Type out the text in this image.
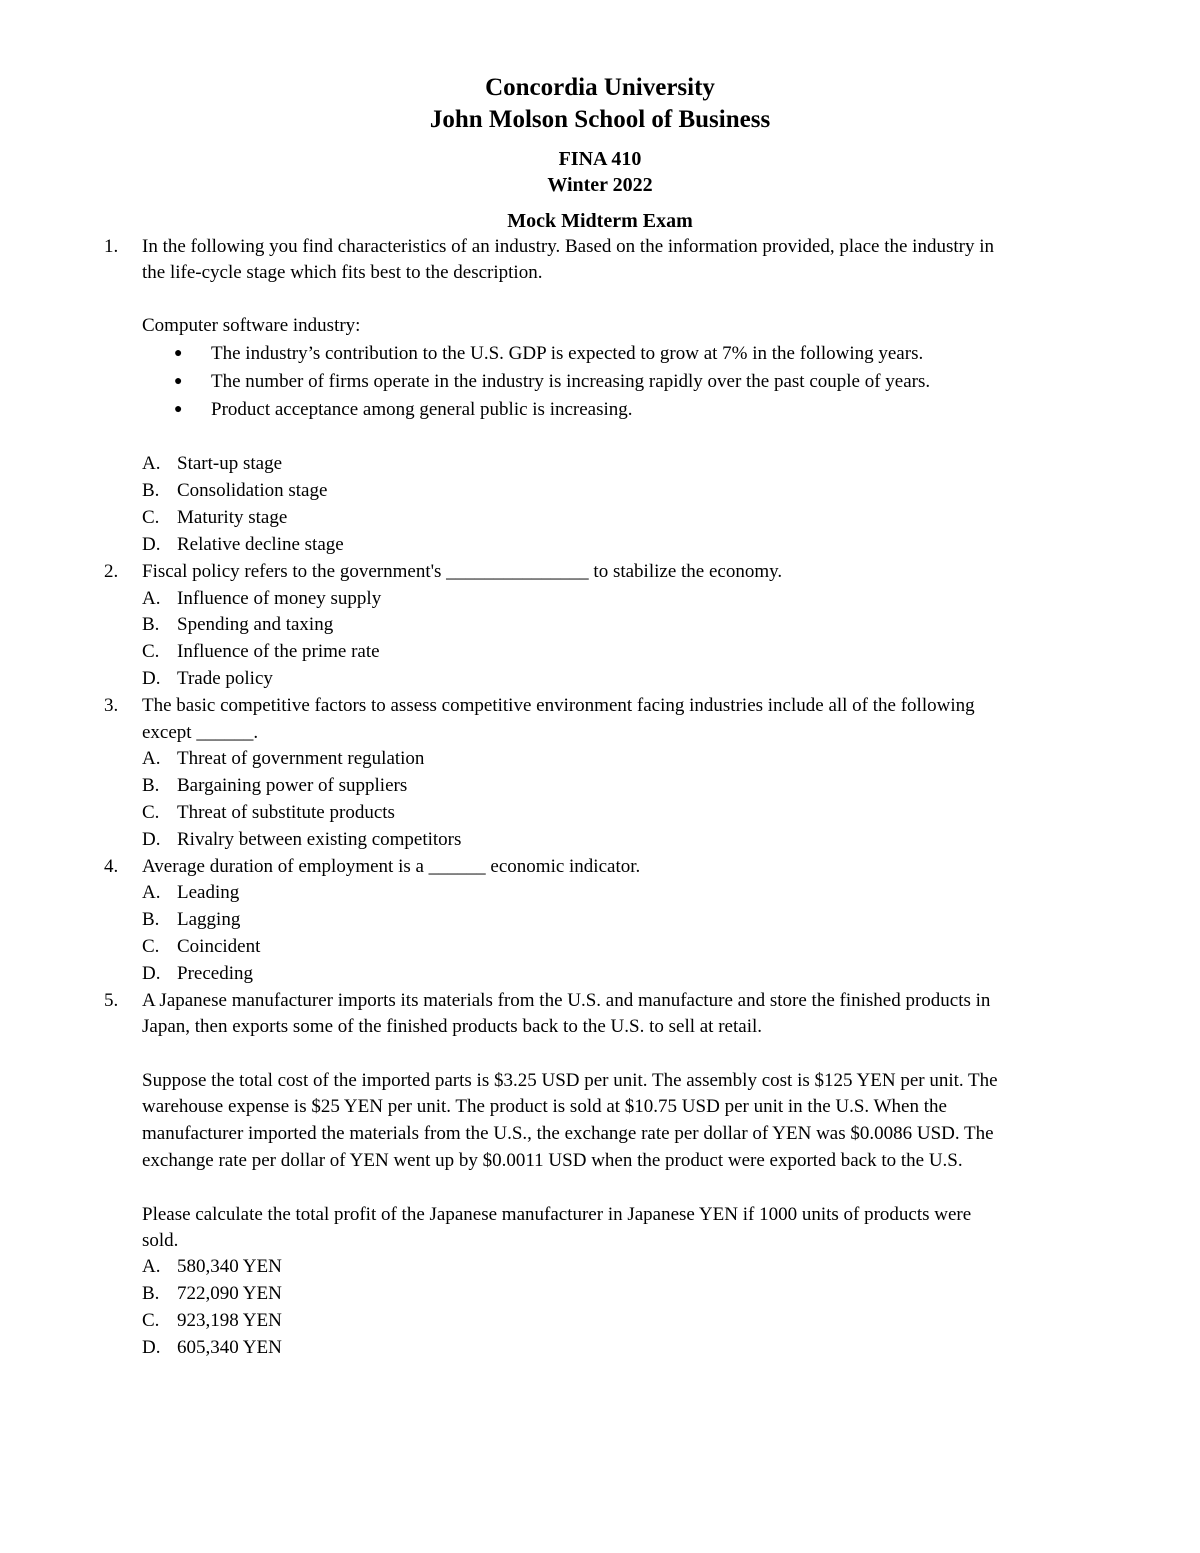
Concordia University
John Molson School of Business
FINA 410
Winter 2022
Mock Midterm Exam
1.	In the following you find characteristics of an industry. Based on the information provided, place the industry in
the life-cycle stage which fits best to the description.
Computer software industry:
● The industry’s contribution to the U.S. GDP is expected to grow at 7% in the following years.
● The number of firms operate in the industry is increasing rapidly over the past couple of years.
● Product acceptance among general public is increasing.
A. Start-up stage
B. Consolidation stage
C. Maturity stage
D. Relative decline stage
2.	Fiscal policy refers to the government's _______________ to stabilize the economy.
A. Influence of money supply
B. Spending and taxing
C. Influence of the prime rate
D. Trade policy
3.	The basic competitive factors to assess competitive environment facing industries include all of the following
except ______.
A. Threat of government regulation
B. Bargaining power of suppliers
C. Threat of substitute products
D. Rivalry between existing competitors
4.	Average duration of employment is a ______ economic indicator.
A. Leading
B. Lagging
C. Coincident
D. Preceding
5.	A Japanese manufacturer imports its materials from the U.S. and manufacture and store the finished products in
Japan, then exports some of the finished products back to the U.S. to sell at retail.
Suppose the total cost of the imported parts is $3.25 USD per unit. The assembly cost is $125 YEN per unit. The
warehouse expense is $25 YEN per unit. The product is sold at $10.75 USD per unit in the U.S. When the
manufacturer imported the materials from the U.S., the exchange rate per dollar of YEN was $0.0086 USD. The
exchange rate per dollar of YEN went up by $0.0011 USD when the product were exported back to the U.S.
Please calculate the total profit of the Japanese manufacturer in Japanese YEN if 1000 units of products were
sold.
A. 580,340 YEN
B. 722,090 YEN
C. 923,198 YEN
D. 605,340 YEN
